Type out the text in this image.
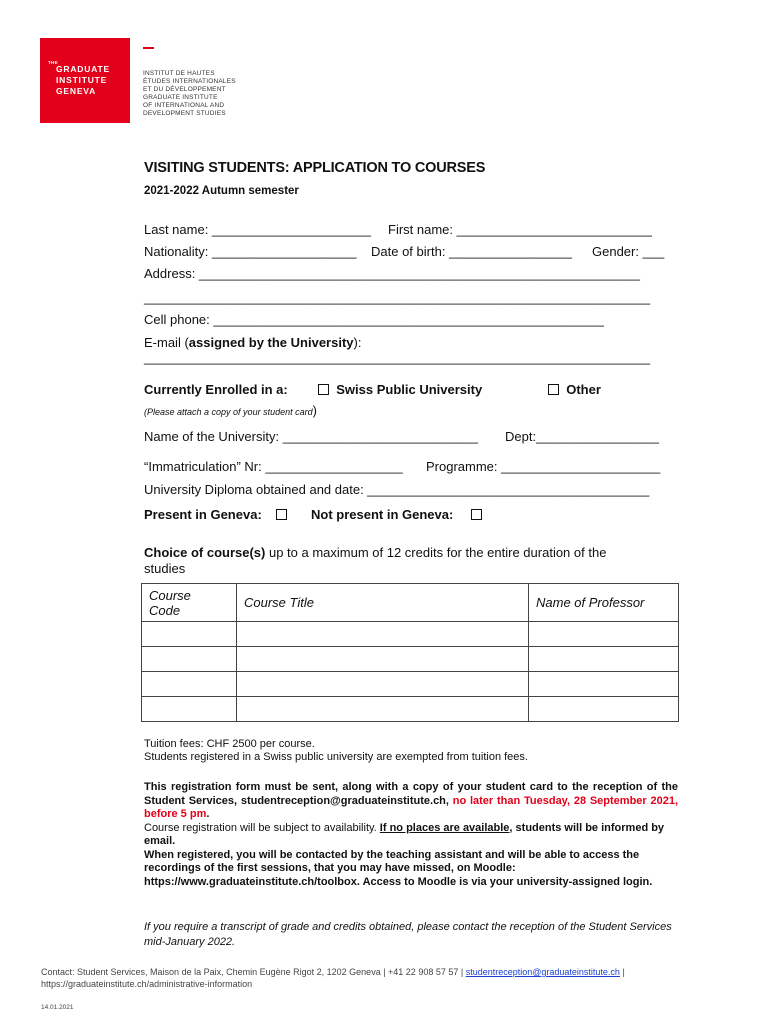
THE
GRADUATE
INSTITUTE
GENEVA
INSTITUT DE HAUTES
ÉTUDES INTERNATIONALES
ET DU DÉVELOPPEMENT
GRADUATE INSTITUTE
OF INTERNATIONAL AND
DEVELOPMENT STUDIES
VISITING STUDENTS: APPLICATION TO COURSES
2021-2022 Autumn semester
Last name: ______________________ First name: ___________________________
Nationality: ____________________ Date of birth: _________________ Gender: ___
Address: _____________________________________________________________
______________________________________________________________________
Cell phone: ______________________________________________________
E-mail (assigned by the University):
______________________________________________________________________
Currently Enrolled in a:	Swiss Public University	Other
(Please attach a copy of your student card)
Name of the University: ___________________________ Dept:_________________
“Immatriculation” Nr: ___________________ Programme: ______________________
University Diploma obtained and date: _______________________________________
Present in Geneva:	Not present in Geneva:
Choice of course(s) up to a maximum of 12 credits for the entire duration of the
studies
Course
Code	Course Title	Name of Professor

Tuition fees: CHF 2500 per course.
Students registered in a Swiss public university are exempted from tuition fees.
This registration form must be sent, along with a copy of your student card to the reception of the Student Services, studentreception@graduateinstitute.ch, no later than Tuesday, 28 September 2021, before 5 pm.
Course registration will be subject to availability. If no places are available, students will be informed by email.
When registered, you will be contacted by the teaching assistant and will be able to access the recordings of the first sessions, that you may have missed, on Moodle: https://www.graduateinstitute.ch/toolbox. Access to Moodle is via your university-assigned login.
If you require a transcript of grade and credits obtained, please contact the reception of the Student Services mid-January 2022.
Contact: Student Services, Maison de la Paix, Chemin Eugène Rigot 2, 1202 Geneva | +41 22 908 57 57 | studentreception@graduateinstitute.ch |
https://graduateinstitute.ch/administrative-information
14.01.2021
